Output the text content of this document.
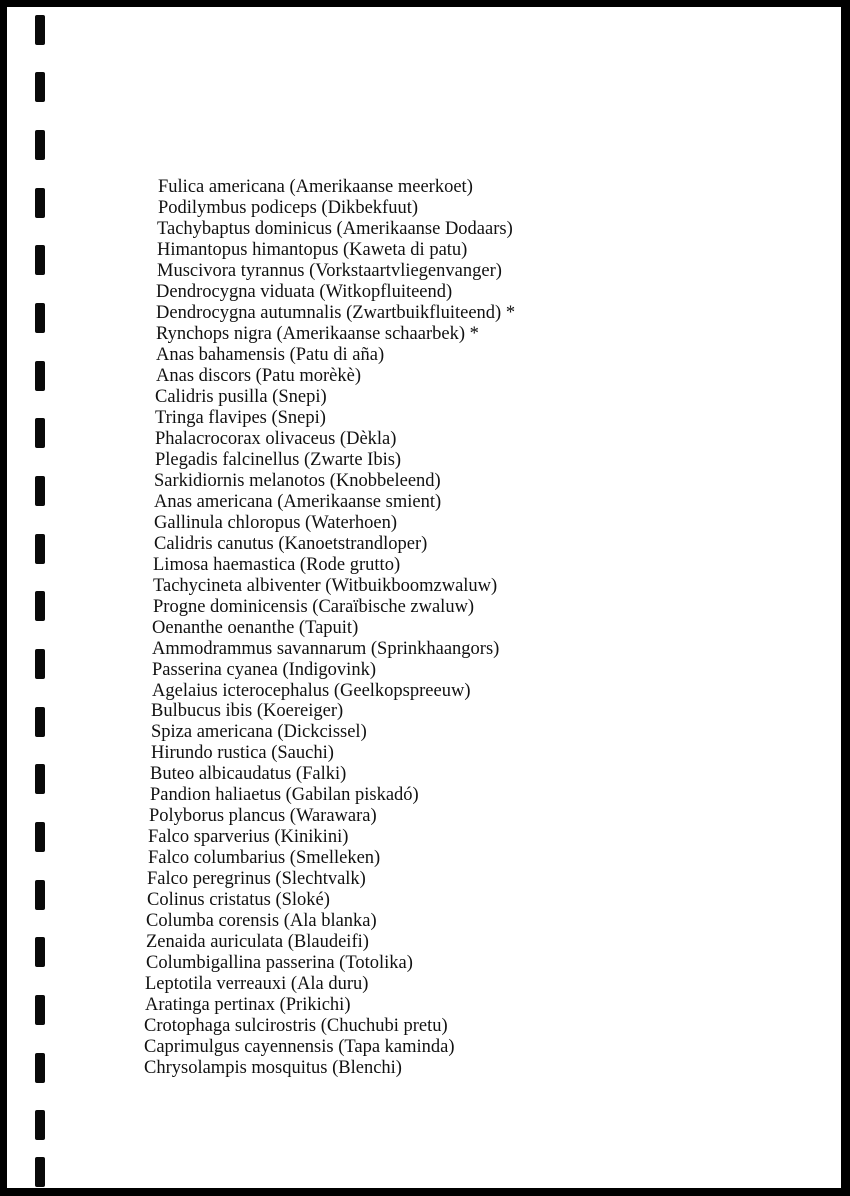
Fulica americana (Amerikaanse meerkoet)
Podilymbus podiceps (Dikbekfuut)
Tachybaptus dominicus (Amerikaanse Dodaars)
Himantopus himantopus (Kaweta di patu)
Muscivora tyrannus (Vorkstaartvliegenvanger)
Dendrocygna viduata (Witkopfluiteend)
Dendrocygna autumnalis (Zwartbuikfluiteend) *
Rynchops nigra (Amerikaanse schaarbek) *
Anas bahamensis (Patu di aña)
Anas discors (Patu morèkè)
Calidris pusilla (Snepi)
Tringa flavipes (Snepi)
Phalacrocorax olivaceus (Dèkla)
Plegadis falcinellus (Zwarte Ibis)
Sarkidiornis melanotos (Knobbeleend)
Anas americana (Amerikaanse smient)
Gallinula chloropus (Waterhoen)
Calidris canutus (Kanoetstrandloper)
Limosa haemastica (Rode grutto)
Tachycineta albiventer (Witbuikboomzwaluw)
Progne dominicensis (Caraïbische zwaluw)
Oenanthe oenanthe (Tapuit)
Ammodrammus savannarum (Sprinkhaangors)
Passerina cyanea (Indigovink)
Agelaius icterocephalus (Geelkopspreeuw)
Bulbucus ibis (Koereiger)
Spiza americana (Dickcissel)
Hirundo rustica (Sauchi)
Buteo albicaudatus (Falki)
Pandion haliaetus (Gabilan piskadó)
Polyborus plancus (Warawara)
Falco sparverius (Kinikini)
Falco columbarius (Smelleken)
Falco peregrinus (Slechtvalk)
Colinus cristatus (Sloké)
Columba corensis (Ala blanka)
Zenaida auriculata (Blaudeifi)
Columbigallina passerina (Totolika)
Leptotila verreauxi (Ala duru)
Aratinga pertinax (Prikichi)
Crotophaga sulcirostris (Chuchubi pretu)
Caprimulgus cayennensis (Tapa kaminda)
Chrysolampis mosquitus (Blenchi)
